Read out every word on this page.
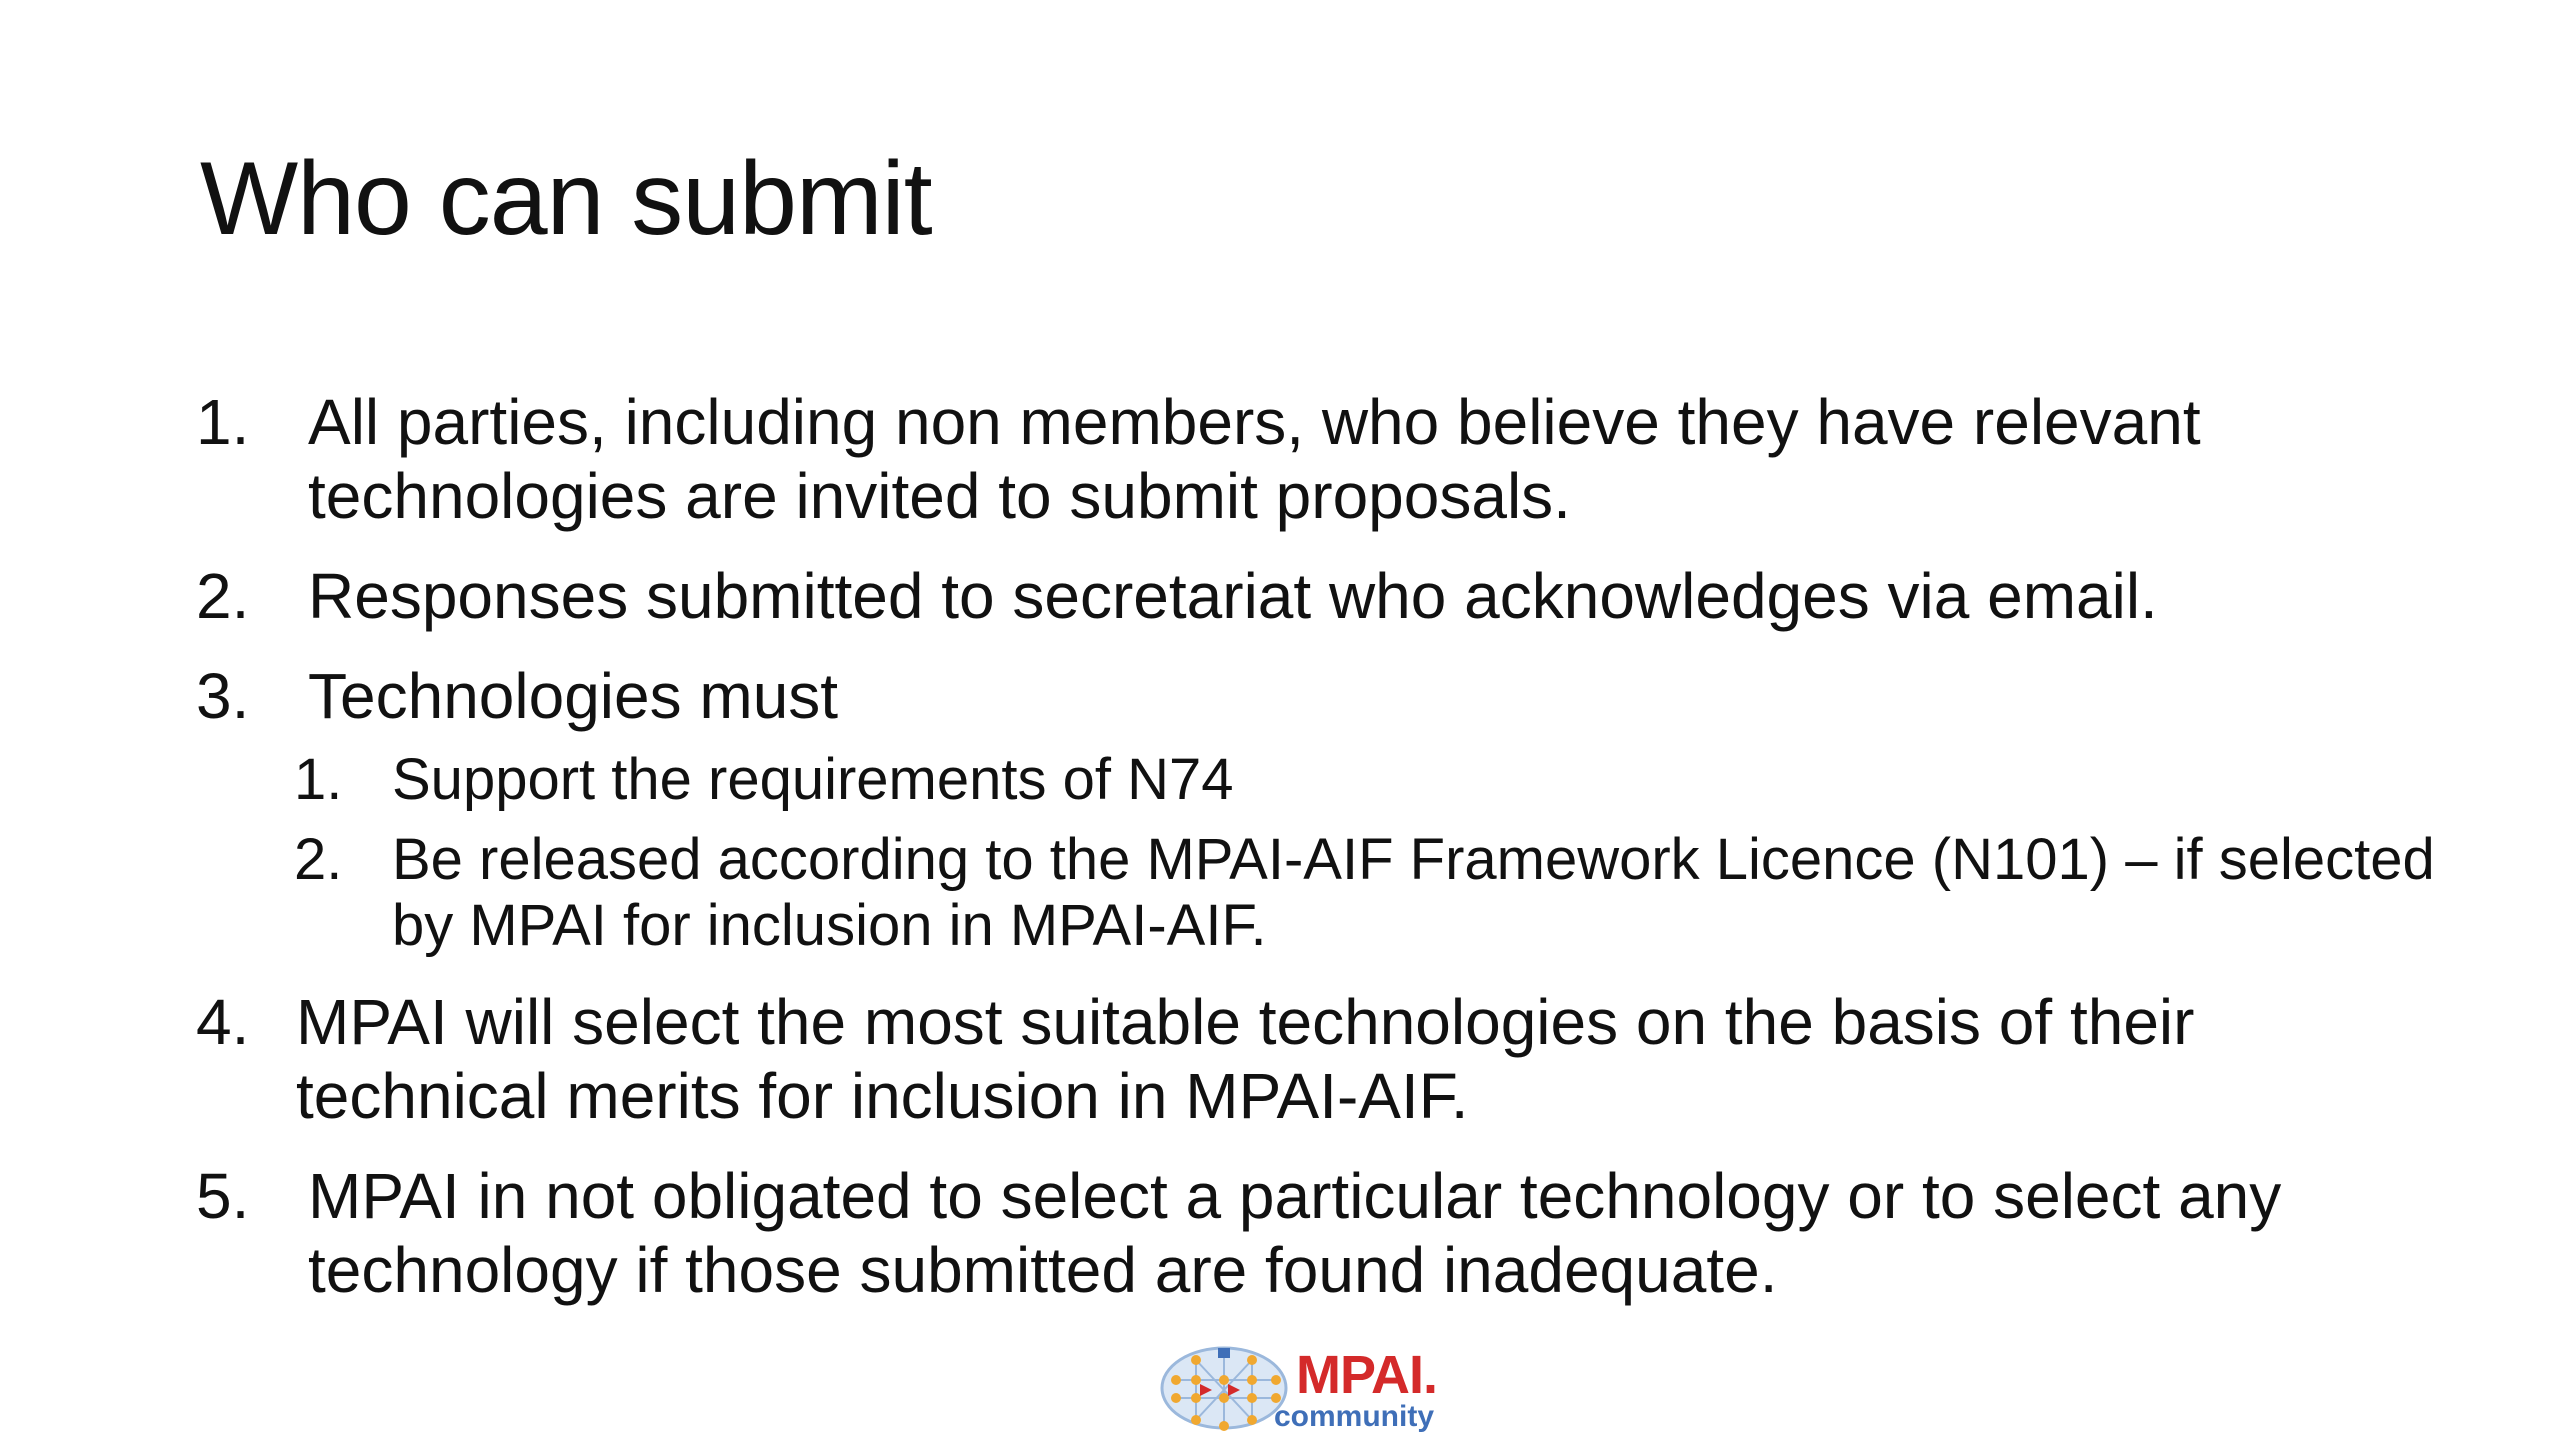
Who can submit
1. All parties, including non members, who believe they have relevant technologies are invited to submit proposals.
2. Responses submitted to secretariat who acknowledges via email.
3. Technologies must
1. Support the requirements of N74
2. Be released according to the MPAI-AIF Framework Licence (N101) – if selected by MPAI for inclusion in MPAI-AIF.
4. MPAI will select the most suitable technologies on the basis of their technical merits for inclusion in MPAI-AIF.
5. MPAI in not obligated to select a particular technology or to select any technology if those submitted are found inadequate.
MPAI.
community
